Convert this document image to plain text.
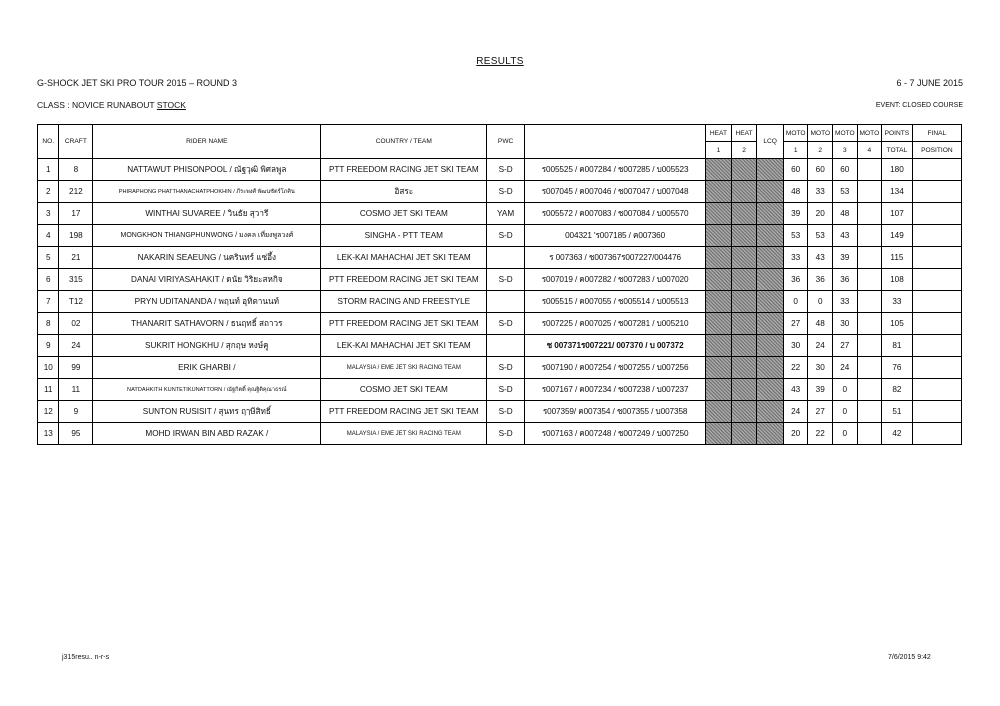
RESULTS
G-SHOCK JET SKI PRO TOUR 2015 – ROUND 3	6 - 7 JUNE 2015
CLASS : NOVICE RUNABOUT STOCK	EVENT: CLOSED COURSE
NO.	CRAFT	RIDER NAME	COUNTRY / TEAM	PWC		HEAT	HEAT	LCQ	MOTO	MOTO	MOTO	MOTO	POINTS	FINAL
						1	2		1	2	3	4	TOTAL	POSITION
1	8	NATTAWUT PHISONPOOL / ณัฐวุฒิ พิศลพูล	PTT FREEDOM RACING JET SKI TEAM	S-D	ร005525 / ค007284 / ช007285 / บ005523				60	60	60		180	
2	212	PHIRAPHONG PHATTHANACHATPHOKHIN / ภีระพงศ์ พัฒนชัตร์โภคิน	อิสระ	S-D	ร007045 / ค007046 / ช007047 / บ007048				48	33	53		134	
3	17	WINTHAI SUVAREE / วินธัย สุวารี	COSMO JET SKI TEAM	YAM	ร005572 / ค007083 / ช007084 / บ005570				39	20	48		107	
4	198	MONGKHON THIANGPHUNWONG / มงคล เที่ยงพูลวงศ์	SINGHA - PTT TEAM	S-D	004321 'ร007185 / ค007360				53	53	43		149	
5	21	NAKARIN SEAEUNG / นครินทร์ แซ่อึ้ง	LEK-KAI MAHACHAI JET SKI TEAM		ร 007363 / ช007367ร007227/004476				33	43	39		115	
6	315	DANAI VIRIYASAHAKIT / ดนัย วิริยะสหกิจ	PTT FREEDOM RACING JET SKI TEAM	S-D	ร007019 / ค007282 / ช007283 / บ007020				36	36	36		108	
7	T12	PRYN UDITANANDA / พฤนท์ อุทิตานนท์	STORM RACING AND FREESTYLE		ร005515 / ค007055 / ช005514 / บ005513				0	0	33		33	
8	02	THANARIT SATHAVORN / ธนฤทธิ์ สถาวร	PTT FREEDOM RACING JET SKI TEAM	S-D	ร007225 / ค007025 / ช007281 / บ005210				27	48	30		105	
9	24	SUKRIT HONGKHU / สุกฤษ หงษ์คู	LEK-KAI MAHACHAI JET SKI TEAM		ช 007371ร007221/ 007370 / บ 007372				30	24	27		81	
10	99	ERIK GHARBI /	MALAYSIA / EME JET SKI RACING TEAM	S-D	ร007190 / ค007254 / ช007255 / บ007256				22	30	24		76	
11	11	NATDAHKITH KUNTETIKUNATTORN / ณัฐกิตติ์ คุณฐิติคุณาธรณ์	COSMO JET SKI TEAM	S-D	ร007167 / ค007234 / ช007238 / บ007237				43	39	0		82	
12	9	SUNTON RUSISIT / สุนทร ฤๅษีสิทธิ์	PTT FREEDOM RACING JET SKI TEAM	S-D	ร007359/ ค007354 / ช007355 / บ007358				24	27	0		51	
13	95	MOHD IRWAN BIN ABD RAZAK /	MALAYSIA / EME JET SKI RACING TEAM	S-D	ร007163 / ค007248 / ช007249 / บ007250				20	22	0		42	
j315resu.. n-r-s	7/6/2015 9:42
